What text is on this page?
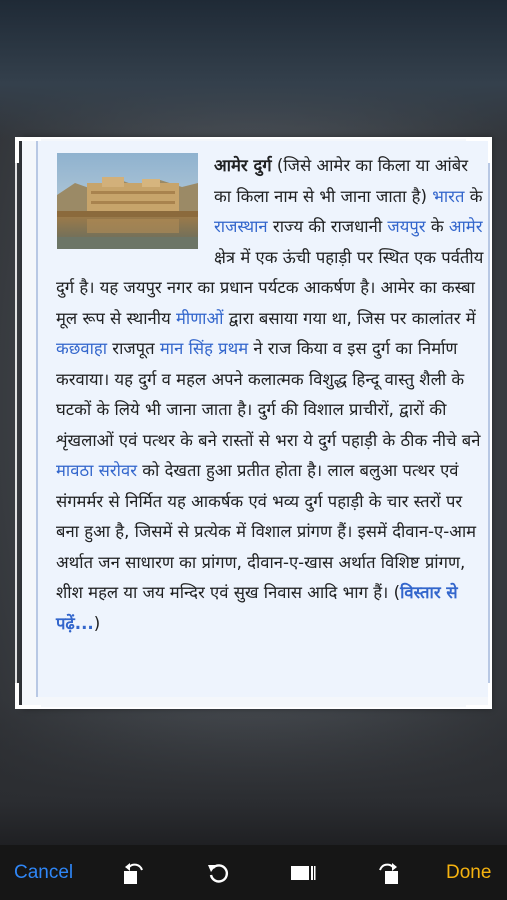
आमेर दुर्ग (जिसे आमेर का किला या आंबेर का किला नाम से भी जाना जाता है) भारत के राजस्थान राज्य की राजधानी जयपुर के आमेर क्षेत्र में एक ऊंची पहाड़ी पर स्थित एक पर्वतीय दुर्ग है। यह जयपुर नगर का प्रधान पर्यटक आकर्षण है। आमेर का कस्बा मूल रूप से स्थानीय मीणाओं द्वारा बसाया गया था, जिस पर कालांतर में कछवाहा राजपूत मान सिंह प्रथम ने राज किया व इस दुर्ग का निर्माण करवाया। यह दुर्ग व महल अपने कलात्मक विशुद्ध हिन्दू वास्तु शैली के घटकों के लिये भी जाना जाता है। दुर्ग की विशाल प्राचीरों, द्वारों की शृंखलाओं एवं पत्थर के बने रास्तों से भरा ये दुर्ग पहाड़ी के ठीक नीचे बने मावठा सरोवर को देखता हुआ प्रतीत होता है। लाल बलुआ पत्थर एवं संगमर्मर से निर्मित यह आकर्षक एवं भव्य दुर्ग पहाड़ी के चार स्तरों पर बना हुआ है, जिसमें से प्रत्येक में विशाल प्रांगण हैं। इसमें दीवान-ए-आम अर्थात जन साधारण का प्रांगण, दीवान-ए-खास अर्थात विशिष्ट प्रांगण, शीश महल या जय मन्दिर एवं सुख निवास आदि भाग हैं। (विस्तार से पढ़ें...)

Cancel	Done
